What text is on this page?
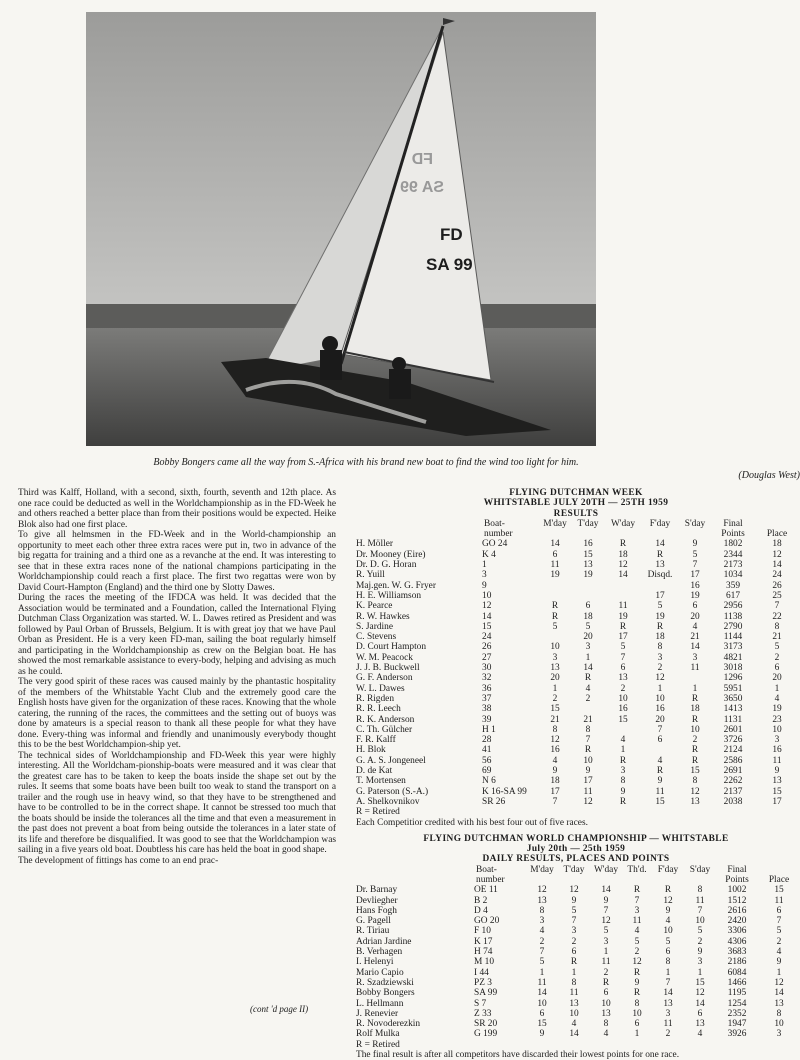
FD
SA 99
FD
SA 99
Bobby Bongers came all the way from S.-Africa with his brand new boat to find the wind too light for him.
(Douglas West)

Third was Kalff, Holland, with a second, sixth, fourth, seventh and 12th place. As one race could be deducted as well in the Worldchampionship as in the FD-Week he and others reached a better place than from their positions would be expected. Heike Blok also had one first place.

To give all helmsmen in the FD-Week and in the World-championship an opportunity to meet each other three extra races were put in, two in advance of the big regatta for training and a third one as a revanche at the end. It was interesting to see that in these extra races none of the national champions participating in the Worldchampionship could reach a first place. The first two regattas were won by David Court-Hampton (England) and the third one by Slotty Dawes.

During the races the meeting of the IFDCA was held. It was decided that the Association would be terminated and a Foundation, called the International Flying Dutchman Class Organization was started. W. L. Dawes retired as President and was followed by Paul Orban of Brussels, Belgium. It is with great joy that we have Paul Orban as President. He is a very keen FD-man, sailing the boat regularly himself and participating in the Worldchampionship as crew on the Belgian boat. He has showed the most remarkable assistance to every-body, helping and advising as much as he could.

The very good spirit of these races was caused mainly by the phantastic hospitality of the members of the Whitstable Yacht Club and the extremely good care the English hosts have given for the organization of these races. Knowing that the whole catering, the running of the races, the committees and the setting out of buoys was done by amateurs is a special reason to thank all these people for what they have done. Every-thing was informal and friendly and unanimously everybody thought this to be the best Worldchampion-ship yet.

The technical sides of Worldchampionship and FD-Week this year were highly interesting. All the Worldcham-pionship-boats were measured and it was clear that the greatest care has to be taken to keep the boats inside the shape set out by the rules. It seems that some boats have been built too weak to stand the transport on a trailer and the rough use in heavy wind, so that they have to be strengthened and have to be controlled to be in the correct shape. It cannot be stressed too much that the boats should be inside the tolerances all the time and that even a measurement in the past does not prevent a boat from being outside the tolerances in a later state of its life and therefore be disqualified. It was good to see that the Worldchampion was sailing in a five years old boat. Doubtless his care has held the boat in good shape.

The development of fittings has come to an end prac-

(cont 'd page II)
FLYING DUTCHMAN WEEK
WHITSTABLE JULY 20TH — 25TH 1959
RESULTS
	Boat-	M'day	T'day	W'day	F'day	S'day	Final	
	number						Points	Place
H. Möller	GO 24	14	16	R	14	9	1802	18
Dr. Mooney (Eire)	K 4	6	15	18	R	5	2344	12
Dr. D. G. Horan	1	11	13	12	13	7	2173	14
R. Yuill	3	19	19	14	Disqd.	17	1034	24
Maj.gen. W. G. Fryer	9					16	359	26
H. E. Williamson	10				17	19	617	25
K. Pearce	12	R	6	11	5	6	2956	7
R. W. Hawkes	14	R	18	19	19	20	1138	22
S. Jardine	15	5	5	R	R	4	2790	8
C. Stevens	24		20	17	18	21	1144	21
D. Court Hampton	26	10	3	5	8	14	3173	5
W. M. Peacock	27	3	1	7	3	3	4821	2
J. J. B. Buckwell	30	13	14	6	2	11	3018	6
G. F. Anderson	32	20	R	13	12		1296	20
W. L. Dawes	36	1	4	2	1	1	5951	1
R. Rigden	37	2	2	10	10	R	3650	4
R. R. Leech	38	15		16	16	18	1413	19
R. K. Anderson	39	21	21	15	20	R	1131	23
C. Th. Gülcher	H 1	8	8		7	10	2601	10
F. R. Kalff	28	12	7	4	6	2	3726	3
H. Blok	41	16	R	1		R	2124	16
G. A. S. Jongeneel	56	4	10	R	4	R	2586	11
D. de Kat	69	9	9	3	R	15	2691	9
T. Mortensen	N 6	18	17	8	9	8	2262	13
G. Paterson (S.-A.)	K 16-SA 99	17	11	9	11	12	2137	15
A. Shelkovnikov	SR 26	7	12	R	15	13	2038	17
R = Retired
Each Competitior credited with his best four out of five races.
FLYING DUTCHMAN WORLD CHAMPIONSHIP — WHITSTABLE
July 20th — 25th 1959
DAILY RESULTS, PLACES AND POINTS
	Boat-	M'day	T'day	W'day	Th'd.	F'day	S'day	Final	
	number							Points	Place
Dr. Barnay	OE 11	12	12	14	R	R	8	1002	15
Devliegher	B 2	13	9	9	7	12	11	1512	11
Hans Fogh	D 4	8	5	7	3	9	7	2616	6
G. Pagell	GO 20	3	7	12	11	4	10	2420	7
R. Tiriau	F 10	4	3	5	4	10	5	3306	5
Adrian Jardine	K 17	2	2	3	5	5	2	4306	2
B. Verhagen	H 74	7	6	1	2	6	9	3683	4
I. Helenyi	M 10	5	R	11	12	8	3	2186	9
Mario Capio	I 44	1	1	2	R	1	1	6084	1
R. Szadziewski	PZ 3	11	8	R	9	7	15	1466	12
Bobby Bongers	SA 99	14	11	6	R	14	12	1195	14
L. Hellmann	S 7	10	13	10	8	13	14	1254	13
J. Renevier	Z 33	6	10	13	10	3	6	2352	8
R. Novoderezkin	SR 20	15	4	8	6	11	13	1947	10
Rolf Mulka	G 199	9	14	4	1	2	4	3926	3
R = Retired
The final result is after all competitors have discarded their lowest points for one race.
